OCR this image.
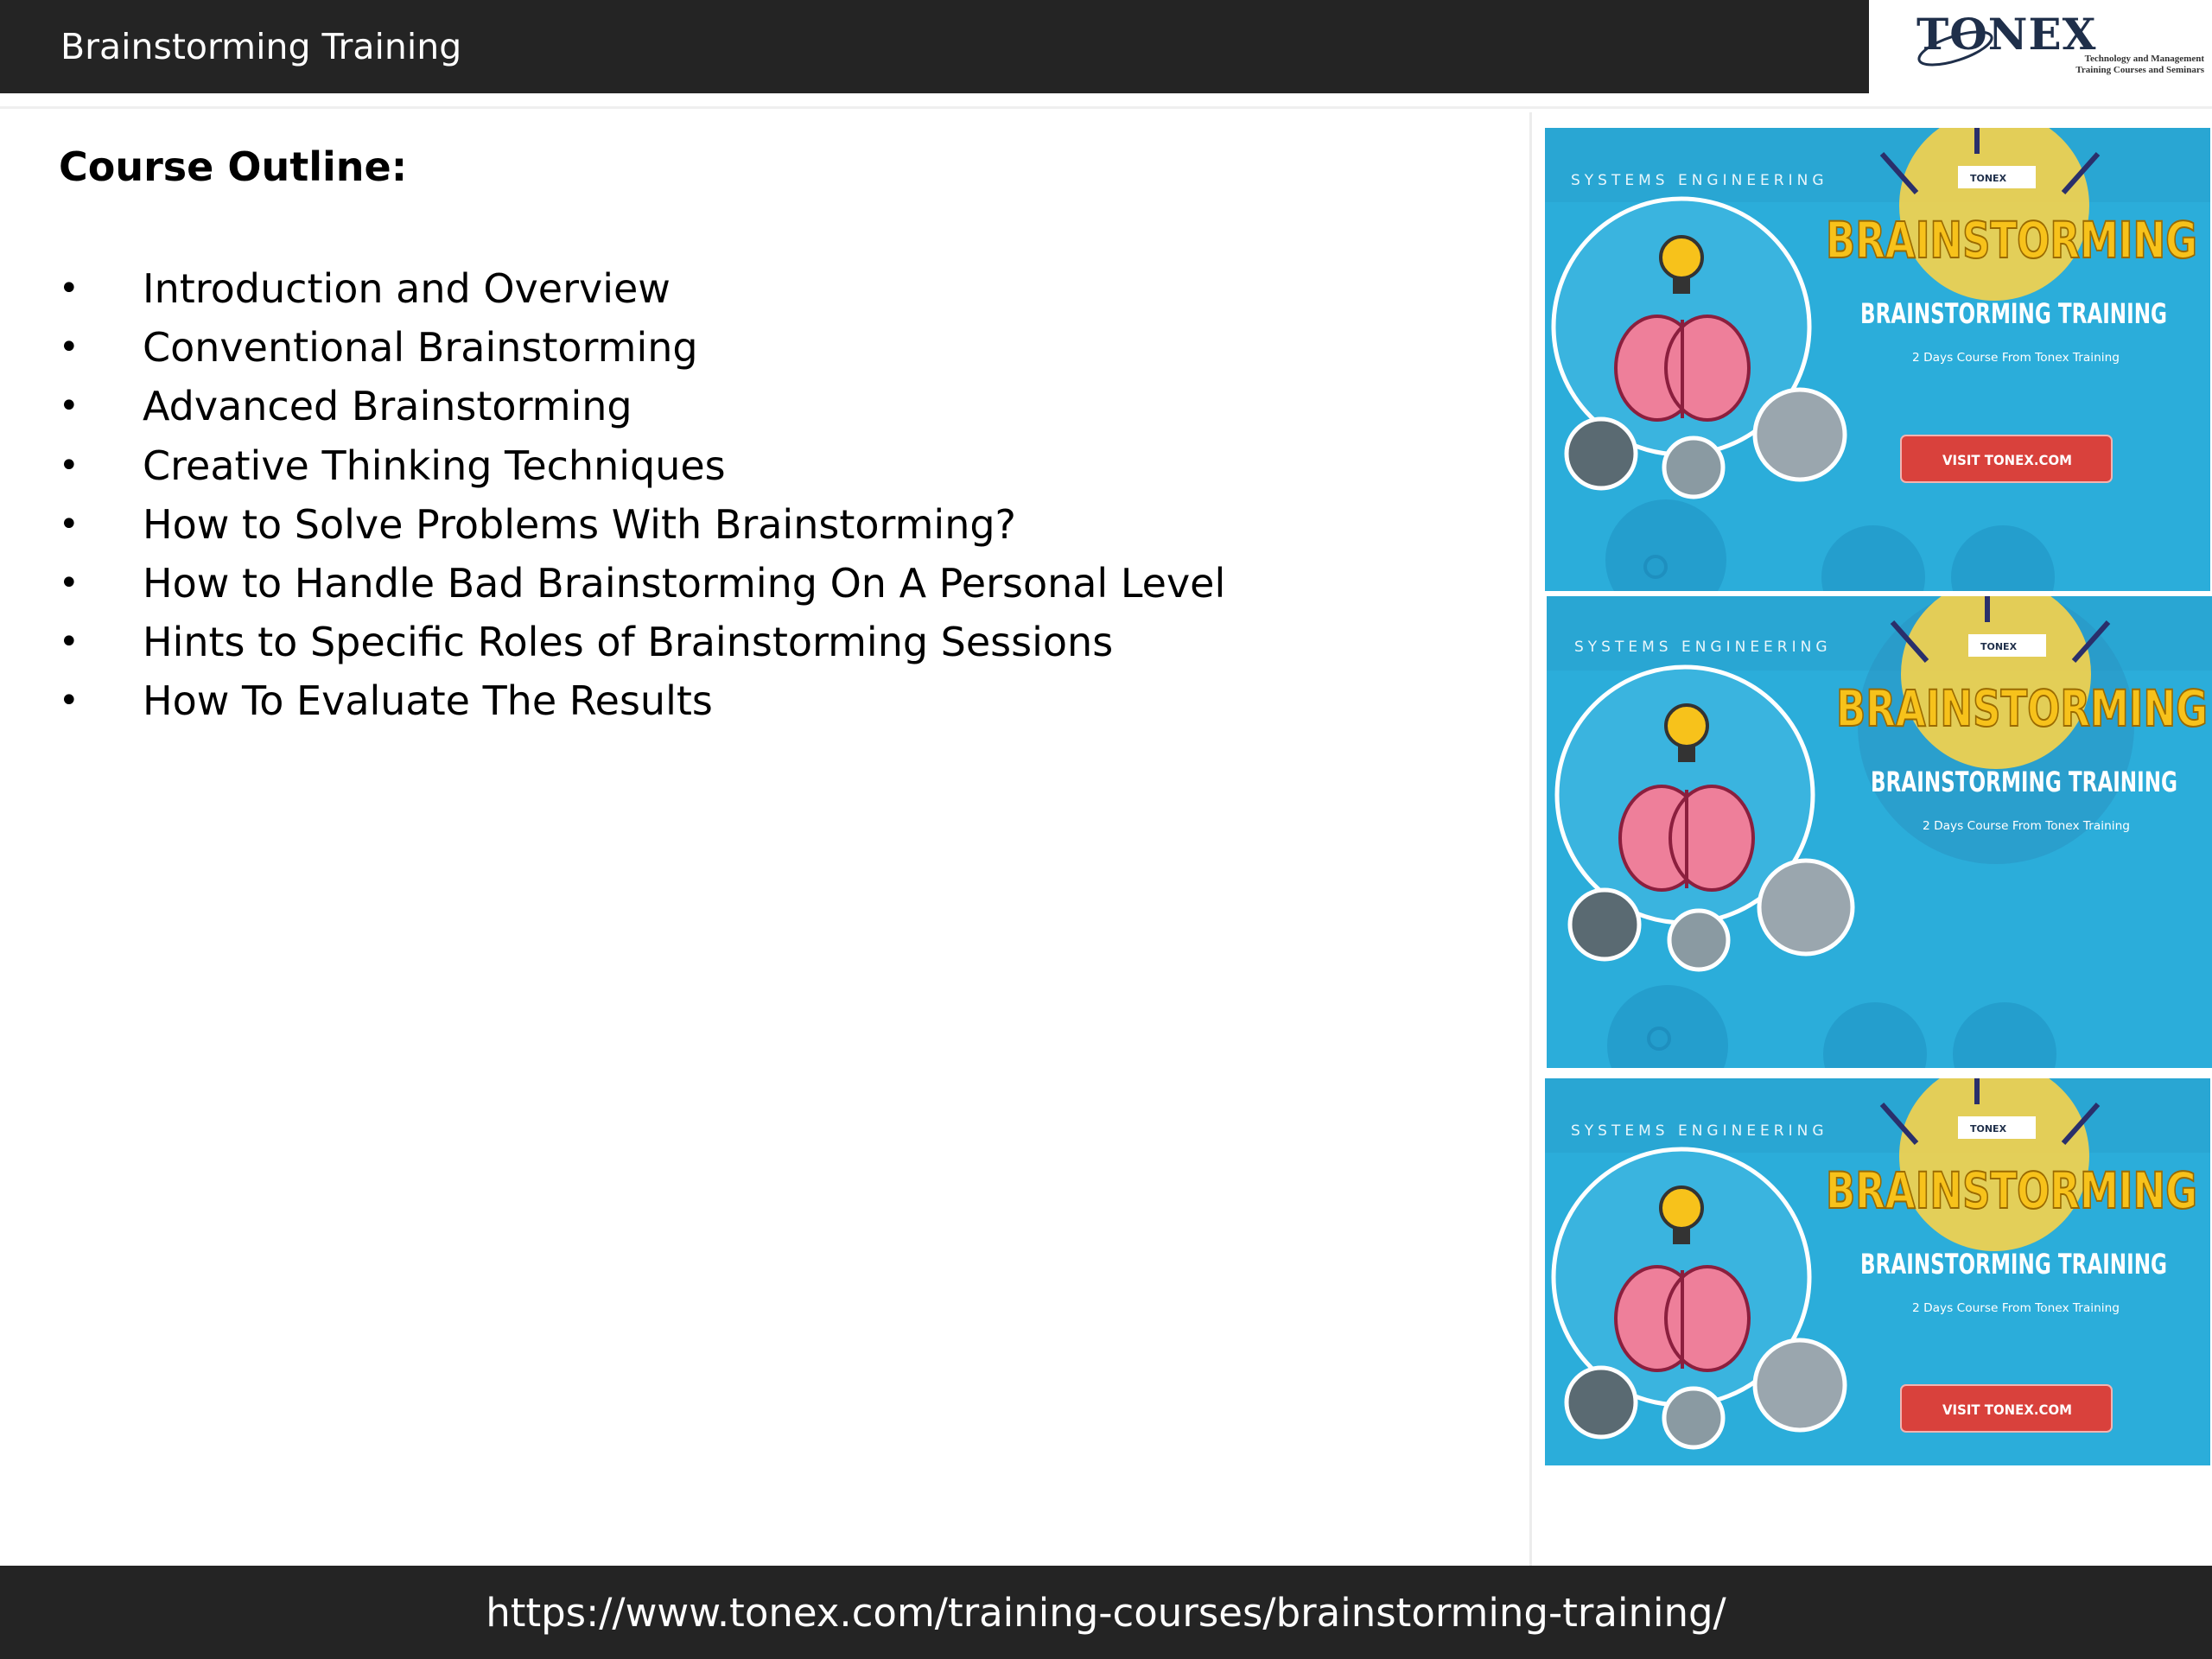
Brainstorming Training	TONEX
Technology and Management
Training Courses and Seminars
Course Outline:
• Introduction and Overview
• Conventional Brainstorming
• Advanced Brainstorming
• Creative Thinking Techniques
• How to Solve Problems With Brainstorming?
• How to Handle Bad Brainstorming On A Personal Level
• Hints to Specific Roles of Brainstorming Sessions
• How To Evaluate The Results
SYSTEMS ENGINEERING	TONEX
BRAINSTORMING
BRAINSTORMING TRAINING
2 Days Course From Tonex Training
VISIT TONEX.COM
SYSTEMS ENGINEERING	TONEX
BRAINSTORMING
BRAINSTORMING TRAINING
2 Days Course From Tonex Training
SYSTEMS ENGINEERING	TONEX
BRAINSTORMING
BRAINSTORMING TRAINING
2 Days Course From Tonex Training
VISIT TONEX.COM
https://www.tonex.com/training-courses/brainstorming-training/
